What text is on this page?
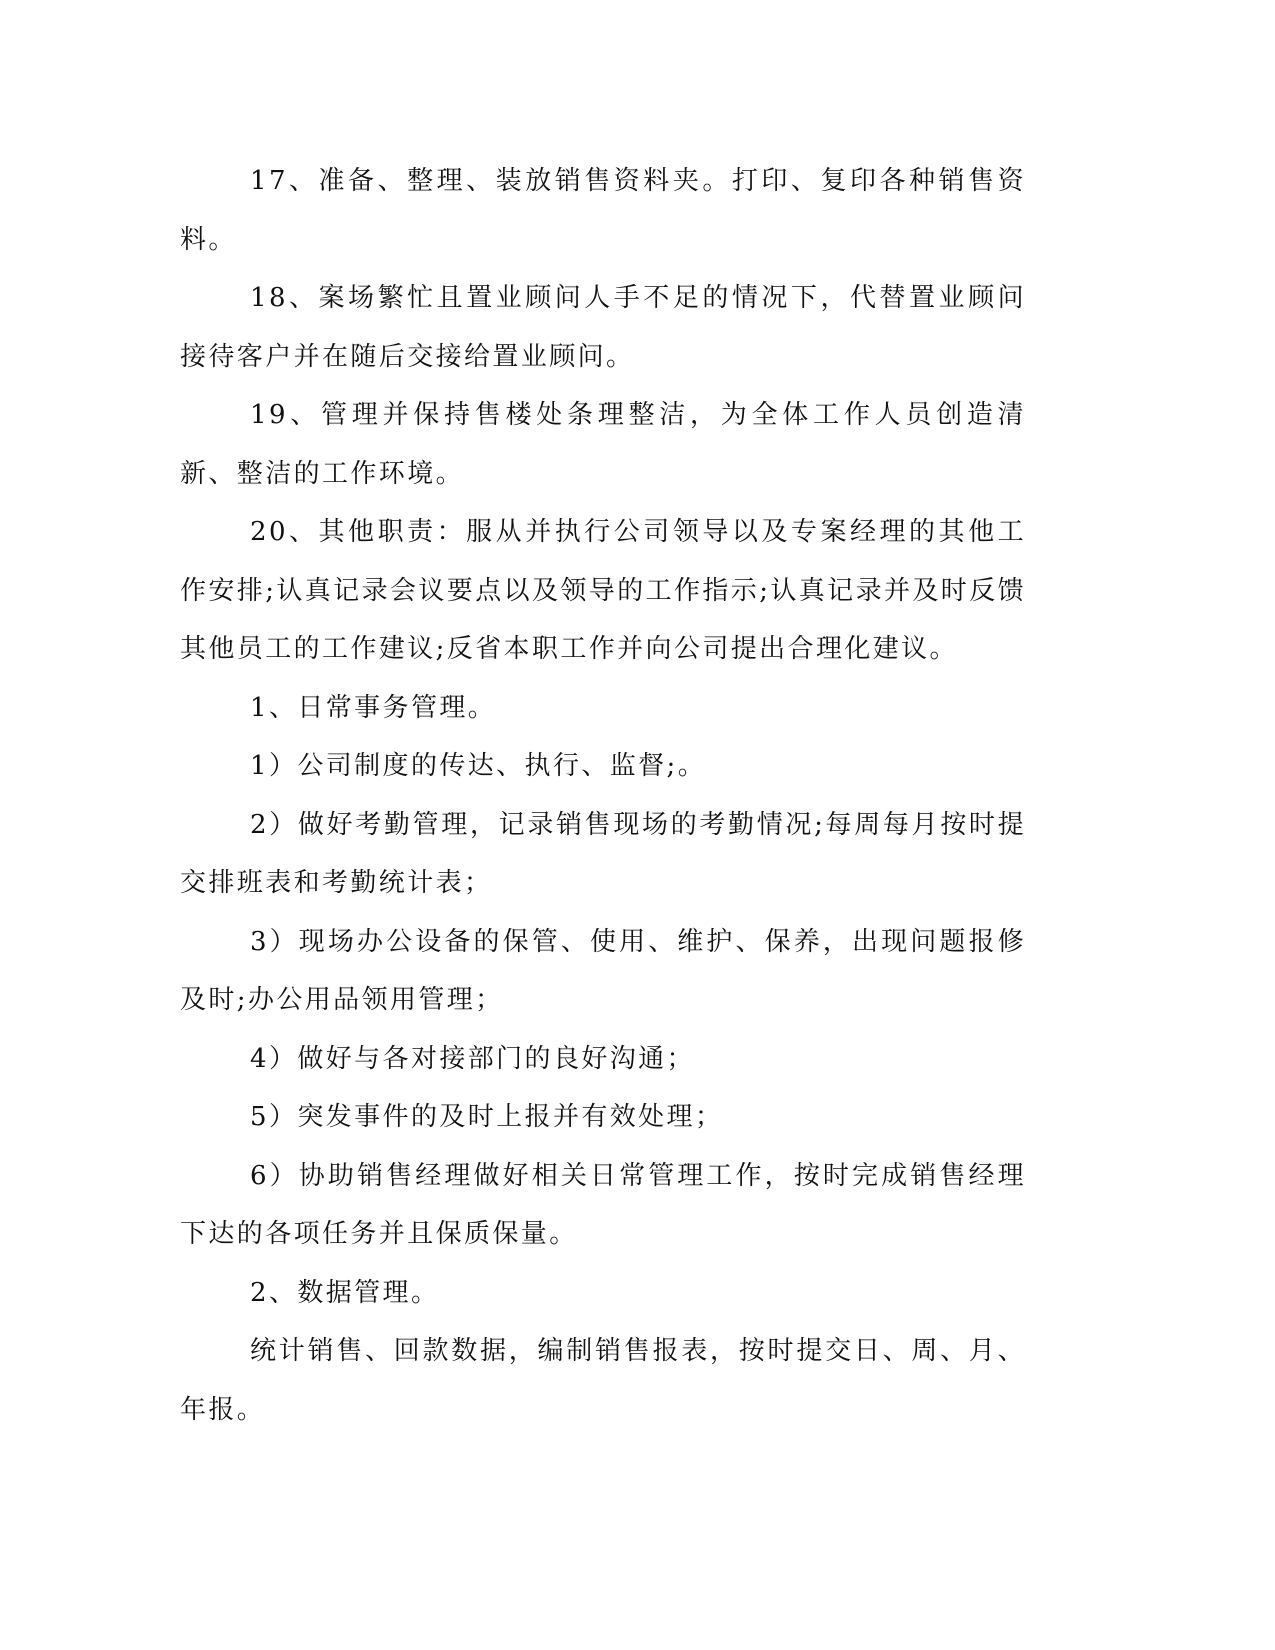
17、准备、整理、装放销售资料夹。打印、复印各种销售资料。

18、案场繁忙且置业顾问人手不足的情况下，代替置业顾问接待客户并在随后交接给置业顾问。

19、管理并保持售楼处条理整洁，为全体工作人员创造清新、整洁的工作环境。

20、其他职责：服从并执行公司领导以及专案经理的其他工作安排;认真记录会议要点以及领导的工作指示;认真记录并及时反馈其他员工的工作建议;反省本职工作并向公司提出合理化建议。

1、日常事务管理。

1）公司制度的传达、执行、监督;。

2）做好考勤管理，记录销售现场的考勤情况;每周每月按时提交排班表和考勤统计表；

3）现场办公设备的保管、使用、维护、保养，出现问题报修及时;办公用品领用管理；

4）做好与各对接部门的良好沟通；

5）突发事件的及时上报并有效处理；

6）协助销售经理做好相关日常管理工作，按时完成销售经理下达的各项任务并且保质保量。

2、数据管理。

统计销售、回款数据，编制销售报表，按时提交日、周、月、年报。
